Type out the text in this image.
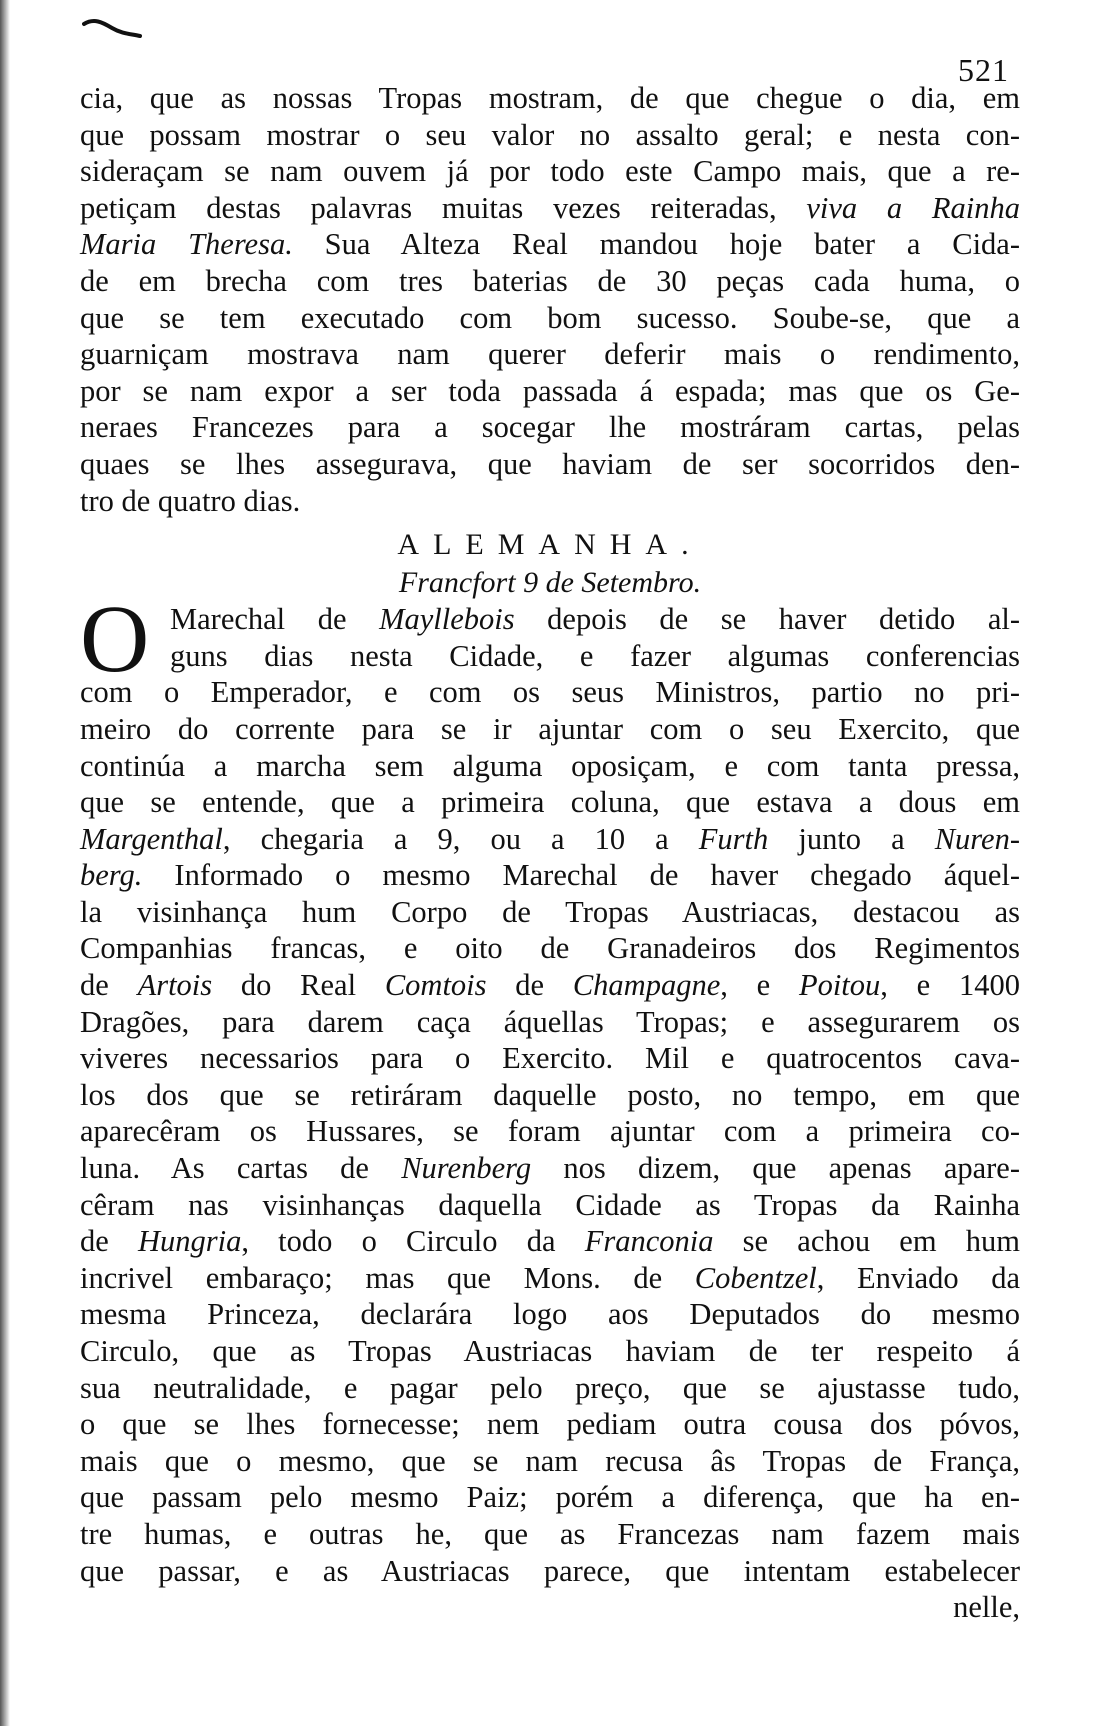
521
cia, que as nossas Tropas mostram, de que chegue o dia, em
que possam mostrar o seu valor no assalto geral; e nesta con-
sideraçam se nam ouvem já por todo este Campo mais, que a re-
petiçam destas palavras muitas vezes reiteradas, viva a Rainha
Maria Theresa. Sua Alteza Real mandou hoje bater a Cida-
de em brecha com tres baterias de 30 peças cada huma, o
que se tem executado com bom sucesso. Soube-se, que a
guarniçam mostrava nam querer deferir mais o rendimento,
por se nam expor a ser toda passada á espada; mas que os Ge-
neraes Francezes para a socegar lhe mostráram cartas, pelas
quaes se lhes assegurava, que haviam de ser socorridos den-
tro de quatro dias.
ALEMANHA.
Francfort 9 de Setembro.
O Marechal de Mayllebois depois de se haver detido al-
guns dias nesta Cidade, e fazer algumas conferencias
com o Emperador, e com os seus Ministros, partio no pri-
meiro do corrente para se ir ajuntar com o seu Exercito, que
continúa a marcha sem alguma oposiçam, e com tanta pressa,
que se entende, que a primeira coluna, que estava a dous em
Margenthal, chegaria a 9, ou a 10 a Furth junto a Nuren-
berg. Informado o mesmo Marechal de haver chegado áquel-
la visinhança hum Corpo de Tropas Austriacas, destacou as
Companhias francas, e oito de Granadeiros dos Regimentos
de Artois do Real Comtois de Champagne, e Poitou, e 1400
Dragões, para darem caça áquellas Tropas; e assegurarem os
viveres necessarios para o Exercito. Mil e quatrocentos cava-
los dos que se retiráram daquelle posto, no tempo, em que
aparecêram os Hussares, se foram ajuntar com a primeira co-
luna. As cartas de Nurenberg nos dizem, que apenas apare-
cêram nas visinhanças daquella Cidade as Tropas da Rainha
de Hungria, todo o Circulo da Franconia se achou em hum
incrivel embaraço; mas que Mons. de Cobentzel, Enviado da
mesma Princeza, declarára logo aos Deputados do mesmo
Circulo, que as Tropas Austriacas haviam de ter respeito á
sua neutralidade, e pagar pelo preço, que se ajustasse tudo,
o que se lhes fornecesse; nem pediam outra cousa dos póvos,
mais que o mesmo, que se nam recusa âs Tropas de França,
que passam pelo mesmo Paiz; porém a diferença, que ha en-
tre humas, e outras he, que as Francezas nam fazem mais
que passar, e as Austriacas parece, que intentam estabelecer
nelle,
